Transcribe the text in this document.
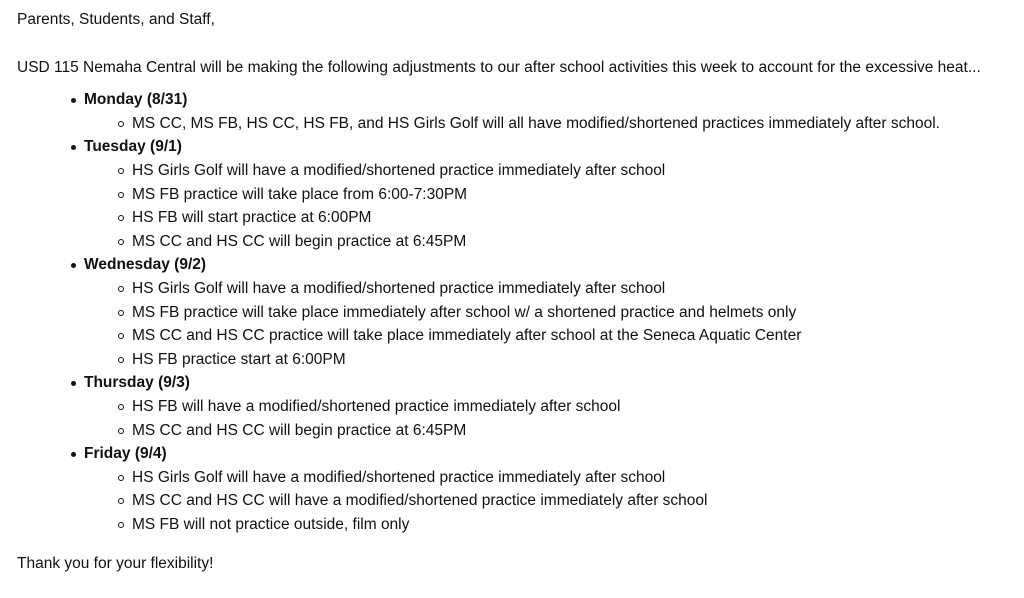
Parents, Students, and Staff,
USD 115 Nemaha Central will be making the following adjustments to our after school activities this week to account for the excessive heat...
Monday (8/31)
MS CC, MS FB, HS CC, HS FB, and HS Girls Golf will all have modified/shortened practices immediately after school.
Tuesday (9/1)
HS Girls Golf will have a modified/shortened practice immediately after school
MS FB practice will take place from 6:00-7:30PM
HS FB will start practice at 6:00PM
MS CC and HS CC will begin practice at 6:45PM
Wednesday (9/2)
HS Girls Golf will have a modified/shortened practice immediately after school
MS FB practice will take place immediately after school w/ a shortened practice and helmets only
MS CC and HS CC practice will take place immediately after school at the Seneca Aquatic Center
HS FB practice start at 6:00PM
Thursday (9/3)
HS FB will have a modified/shortened practice immediately after school
MS CC and HS CC will begin practice at 6:45PM
Friday (9/4)
HS Girls Golf will have a modified/shortened practice immediately after school
MS CC and HS CC will have a modified/shortened practice immediately after school
MS FB will not practice outside, film only
Thank you for your flexibility!
